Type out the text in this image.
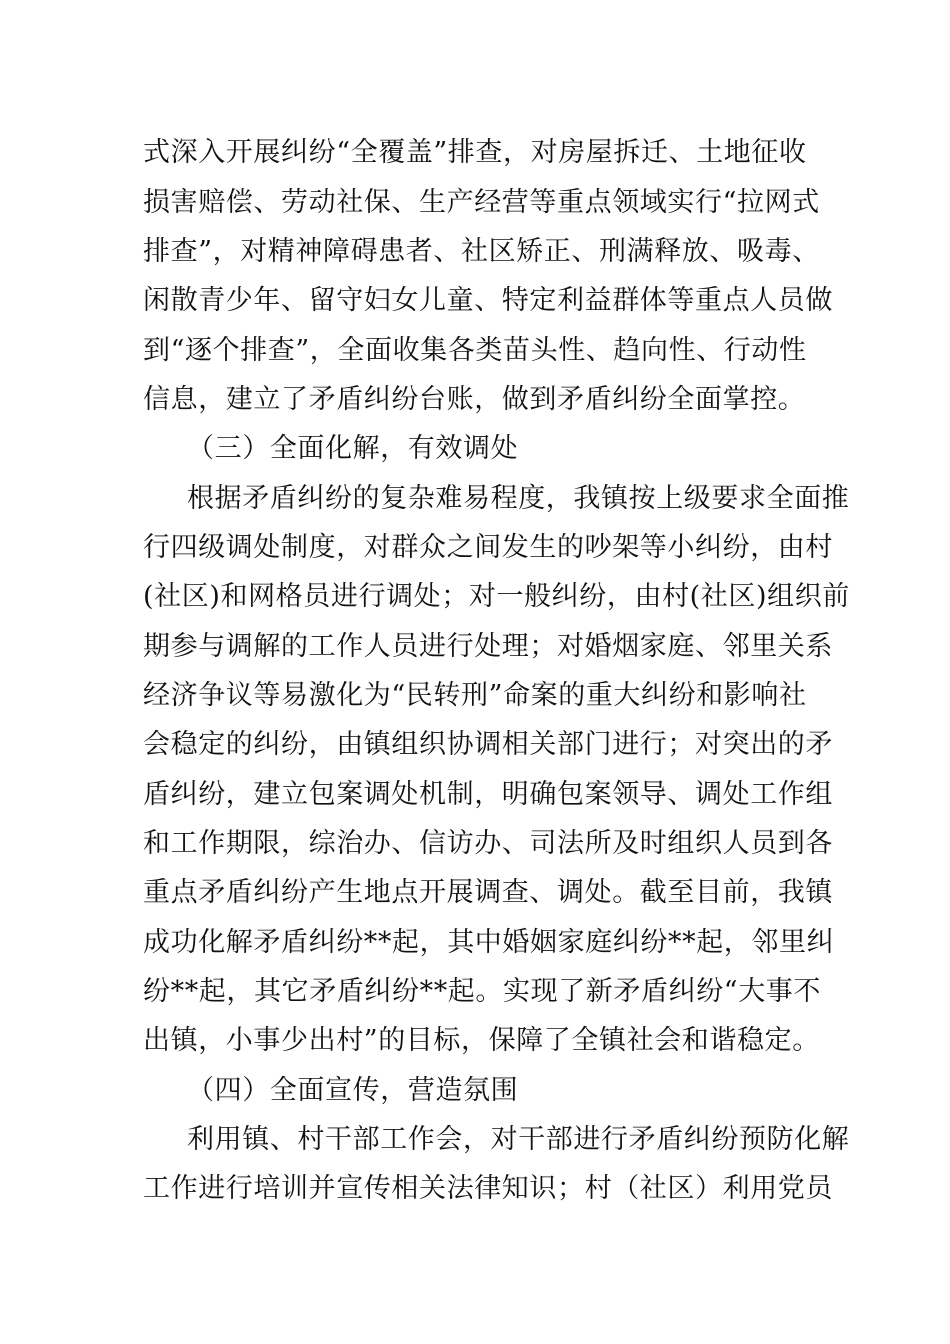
式深入开展纠纷“全覆盖”排查，对房屋拆迁、土地征收
损害赔偿、劳动社保、生产经营等重点领域实行“拉网式
排查”，对精神障碍患者、社区矫正、刑满释放、吸毒、
闲散青少年、留守妇女儿童、特定利益群体等重点人员做
到“逐个排查”，全面收集各类苗头性、趋向性、行动性
信息，建立了矛盾纠纷台账，做到矛盾纠纷全面掌控。
（三）全面化解，有效调处
根据矛盾纠纷的复杂难易程度，我镇按上级要求全面推
行四级调处制度，对群众之间发生的吵架等小纠纷，由村
(社区)和网格员进行调处；对一般纠纷，由村(社区)组织前
期参与调解的工作人员进行处理；对婚烟家庭、邻里关系
经济争议等易激化为“民转刑”命案的重大纠纷和影响社
会稳定的纠纷，由镇组织协调相关部门进行；对突出的矛
盾纠纷，建立包案调处机制，明确包案领导、调处工作组
和工作期限，综治办、信访办、司法所及时组织人员到各
重点矛盾纠纷产生地点开展调查、调处。截至目前，我镇
成功化解矛盾纠纷**起，其中婚姻家庭纠纷**起，邻里纠
纷**起，其它矛盾纠纷**起。实现了新矛盾纠纷“大事不
出镇，小事少出村”的目标，保障了全镇社会和谐稳定。
（四）全面宣传，营造氛围
利用镇、村干部工作会，对干部进行矛盾纠纷预防化解
工作进行培训并宣传相关法律知识；村（社区）利用党员
